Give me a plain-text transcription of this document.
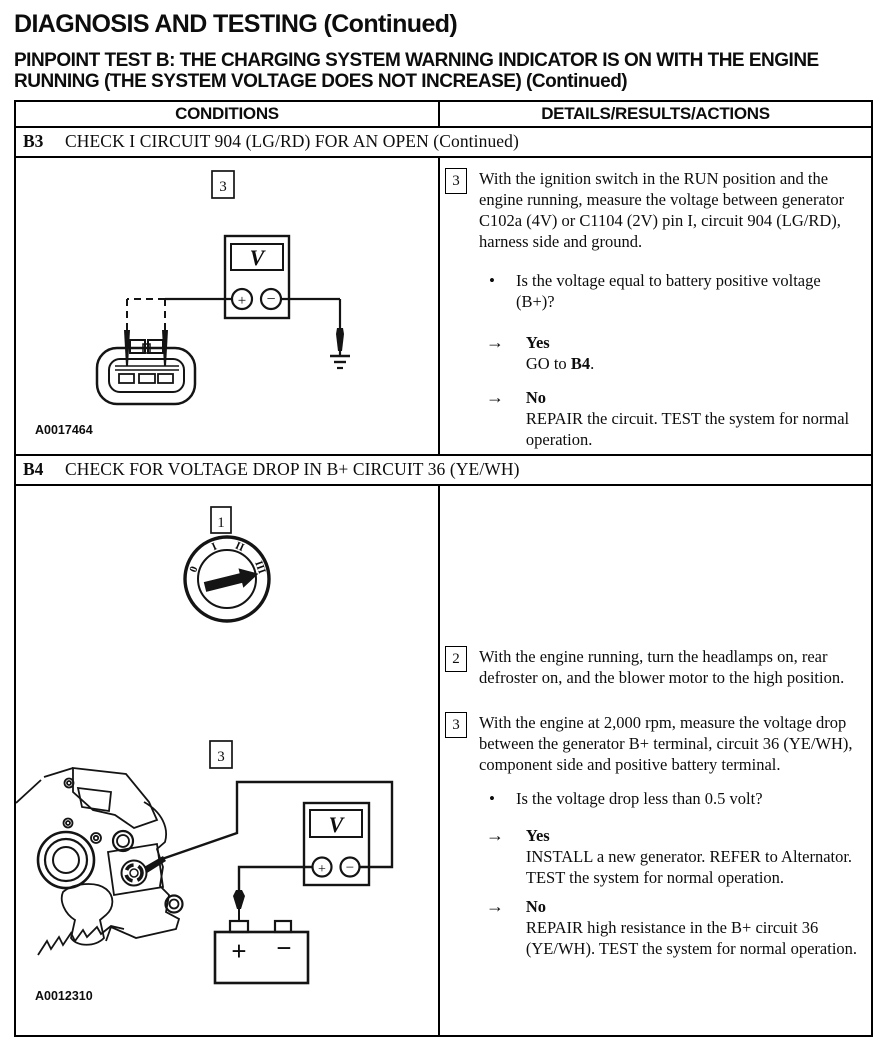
DIAGNOSIS AND TESTING (Continued)
PINPOINT TEST B: THE CHARGING SYSTEM WARNING INDICATOR IS ON WITH THE ENGINE
RUNNING (THE SYSTEM VOLTAGE DOES NOT INCREASE) (Continued)
CONDITIONS	DETAILS/RESULTS/ACTIONS
B3	CHECK I CIRCUIT 904 (LG/RD) FOR AN OPEN (Continued)
3
V
+ −
A0017464
3	With the ignition switch in the RUN position and the engine running, measure the voltage between generator C102a (4V) or C1104 (2V) pin I, circuit 904 (LG/RD), harness side and ground.
•	Is the voltage equal to battery positive voltage (B+)?
→	Yes
GO to B4.
→	No
REPAIR the circuit. TEST the system for normal operation.
B4	CHECK FOR VOLTAGE DROP IN B+ CIRCUIT 36 (YE/WH)
1
0
I II
III
3
V
+ −
+ −
A0012310
2	With the engine running, turn the headlamps on, rear defroster on, and the blower motor to the high position.
3	With the engine at 2,000 rpm, measure the voltage drop between the generator B+ terminal, circuit 36 (YE/WH), component side and positive battery terminal.
•	Is the voltage drop less than 0.5 volt?
→	Yes
INSTALL a new generator. REFER to Alternator. TEST the system for normal operation.
→	No
REPAIR high resistance in the B+ circuit 36 (YE/WH). TEST the system for normal operation.
